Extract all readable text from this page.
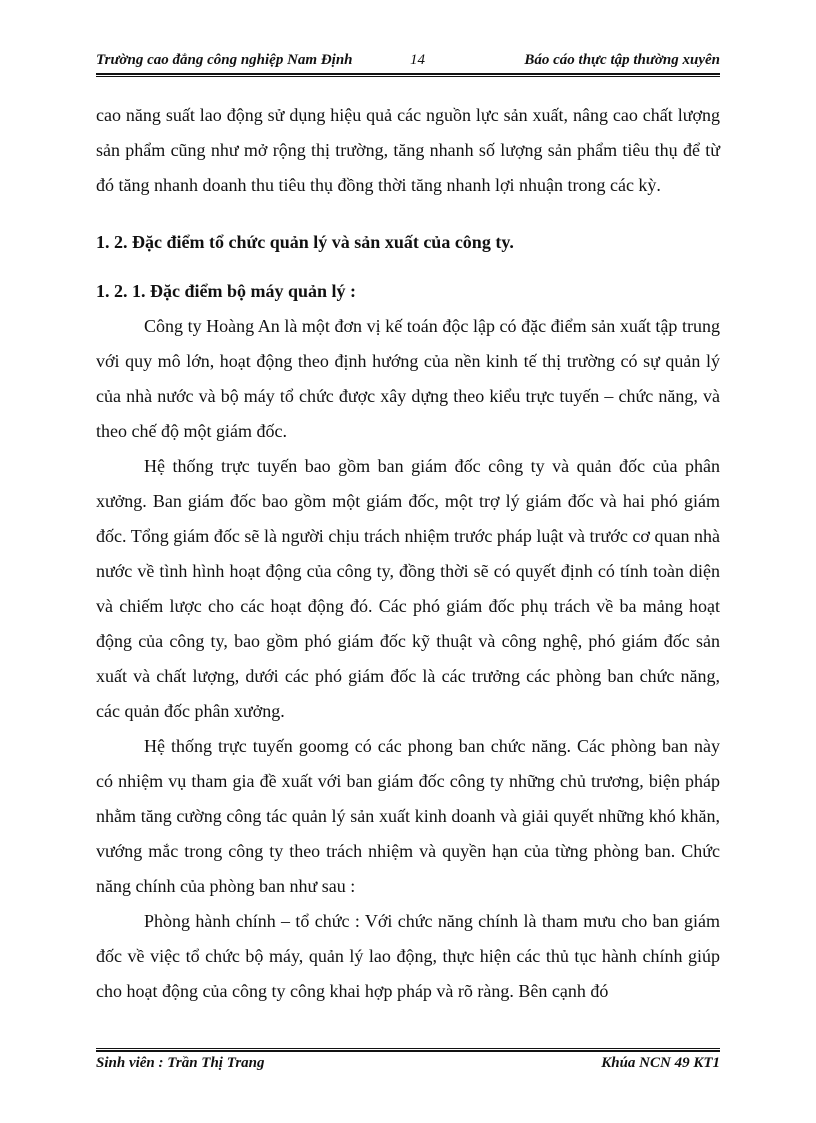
Trường cao đẳng công nghiệp Nam Định	14	Báo cáo thực tập thường xuyên

cao năng suất lao động sử dụng hiệu quả các nguồn lực sản xuất, nâng cao chất lượng sản phẩm cũng như mở rộng thị trường, tăng nhanh số lượng sản phẩm tiêu thụ để từ đó tăng nhanh doanh thu tiêu thụ đồng thời tăng nhanh lợi nhuận trong các kỳ.

1. 2. Đặc điểm tổ chức quản lý và sản xuất của công ty.

1. 2. 1. Đặc điểm bộ máy quản lý :

Công ty Hoàng An là một đơn vị kế toán độc lập có đặc điểm sản xuất tập trung với quy mô lớn, hoạt động theo định hướng của nền kinh tế thị trường có sự quản lý của nhà nước và bộ máy tổ chức được xây dựng theo kiểu trực tuyến – chức năng, và theo chế độ một giám đốc.

Hệ thống trực tuyến bao gồm ban giám đốc công ty và quản đốc của phân xưởng. Ban giám đốc bao gồm một giám đốc, một trợ lý giám đốc và hai phó giám đốc. Tổng giám đốc sẽ là người chịu trách nhiệm trước pháp luật và trước cơ quan nhà nước về tình hình hoạt động của công ty, đồng thời sẽ có quyết định có tính toàn diện và chiếm lược cho các hoạt động đó. Các phó giám đốc phụ trách về ba mảng hoạt động của công ty, bao gồm phó giám đốc kỹ thuật và công nghệ, phó giám đốc sản xuất và chất lượng, dưới các phó giám đốc là các trưởng các phòng ban chức năng, các quản đốc phân xưởng.

Hệ thống trực tuyến goomg có các phong ban chức năng. Các phòng ban này có nhiệm vụ tham gia đề xuất với ban giám đốc công ty những chủ trương, biện pháp nhằm tăng cường công tác quản lý sản xuất kinh doanh và giải quyết những khó khăn, vướng mắc trong công ty theo trách nhiệm và quyền hạn của từng phòng ban. Chức năng chính của phòng ban như sau :

Phòng hành chính – tổ chức : Với chức năng chính là tham mưu cho ban giám đốc về việc tổ chức bộ máy, quản lý lao động, thực hiện các thủ tục hành chính giúp cho hoạt động của công ty công khai hợp pháp và rõ ràng. Bên cạnh đó

Sinh viên : Trần Thị Trang	Khúa NCN 49 KT1
